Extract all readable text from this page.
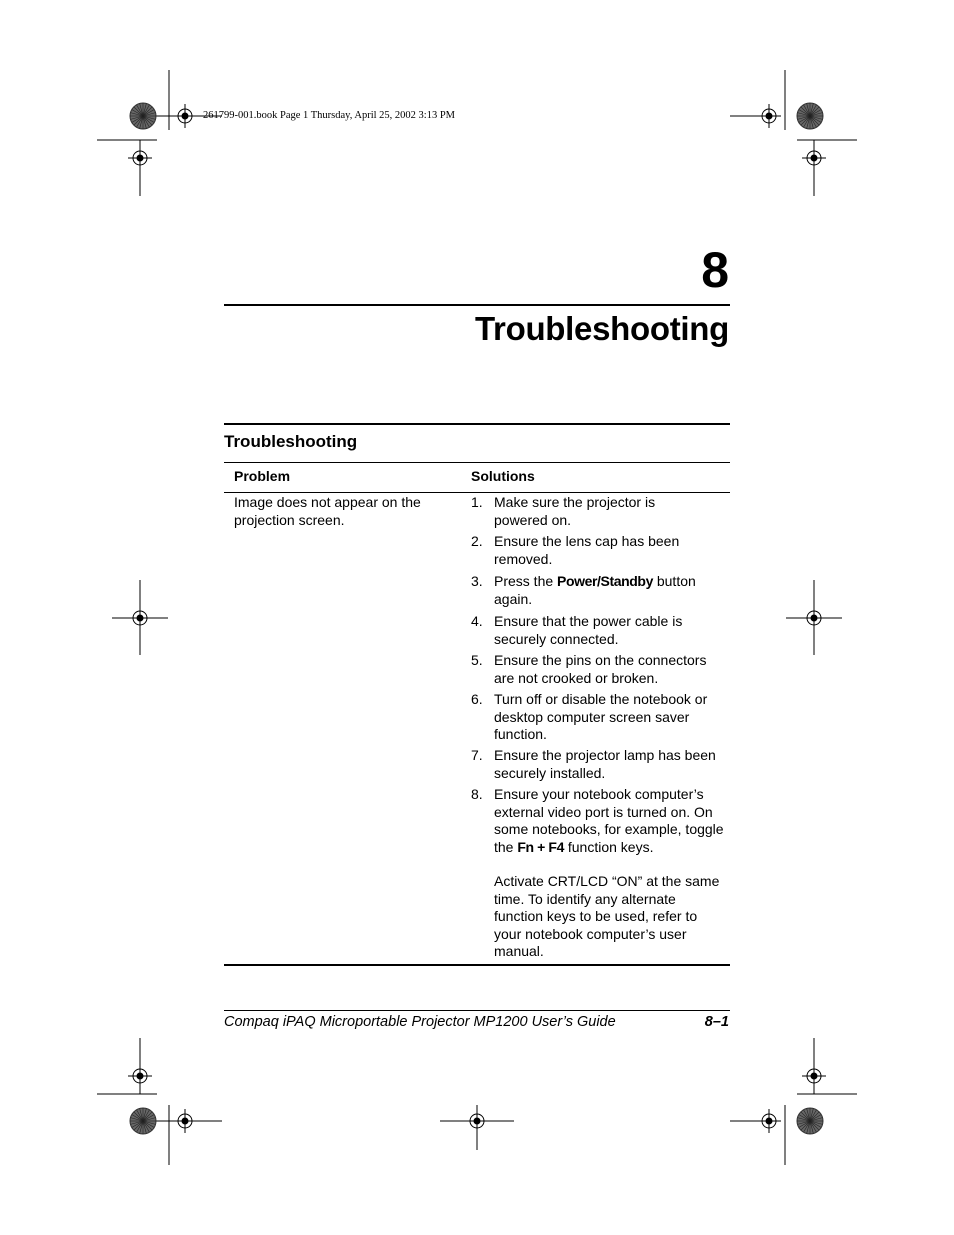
261799-001.book Page 1 Thursday, April 25, 2002 3:13 PM
8
Troubleshooting
Troubleshooting
Problem	Solutions
Image does not appear on the projection screen.
1. Make sure the projector is powered on.
2. Ensure the lens cap has been removed.
3. Press the Power/Standby button again.
4. Ensure that the power cable is securely connected.
5. Ensure the pins on the connectors are not crooked or broken.
6. Turn off or disable the notebook or desktop computer screen saver function.
7. Ensure the projector lamp has been securely installed.
8. Ensure your notebook computer’s external video port is turned on. On some notebooks, for example, toggle the Fn + F4 function keys.
Activate CRT/LCD “ON” at the same time. To identify any alternate function keys to be used, refer to your notebook computer’s user manual.
Compaq iPAQ Microportable Projector MP1200 User’s Guide	8–1
